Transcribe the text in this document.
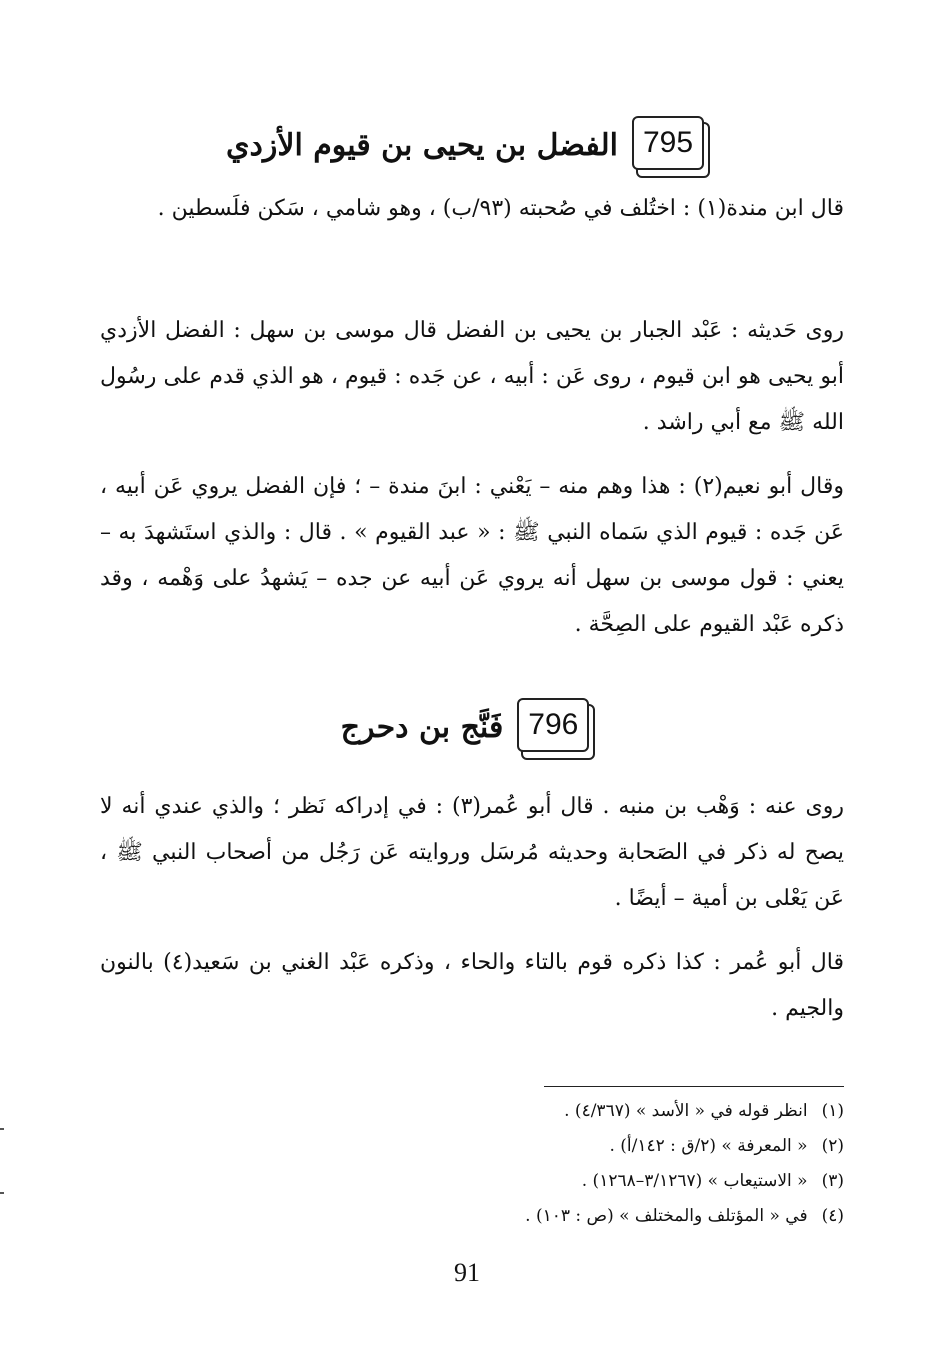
795
الفضل بن يحيى بن قيوم الأزدي

قال ابن مندة(١) : اختُلف في صُحبته (٩٣/ب) ، وهو شامي ، سَكن فلَسطين .

روى حَديثه : عَبْد الجبار بن يحيى بن الفضل قال موسى بن سهل : الفضل الأزدي أبو يحيى هو ابن قيوم ، روى عَن : أبيه ، عن جَده : قيوم ، هو الذي قدم على رسُول الله ﷺ مع أبي راشد .

وقال أبو نعيم(٢) : هذا وهم منه – يَعْني : ابنَ مندة – ؛ فإن الفضل يروي عَن أبيه ، عَن جَده : قيوم الذي سَماه النبي ﷺ : « عبد القيوم » . قال : والذي استَشهدَ به – يعني : قول موسى بن سهل أنه يروي عَن أبيه عن جده – يَشهدُ على وَهْمه ، وقد ذكره عَبْد القيوم على الصِحَّة .

796
فَنَّج بن دحرج

روى عنه : وَهْب بن منبه . قال أبو عُمر(٣) : في إدراكه نَظر ؛ والذي عندي أنه لا يصح له ذكر في الصَحابة وحديثه مُرسَل وروايته عَن رَجُل من أصحاب النبي ﷺ ، عَن يَعْلى بن أمية – أيضًا .

قال أبو عُمر : كذا ذكره قوم بالتاء والحاء ، وذكره عَبْد الغني بن سَعيد(٤) بالنون والجيم .

(١)انظر قوله في « الأسد » (٤/٣٦٧) .
(٢)« المعرفة » (٢/ق : ١٤٢/أ) .
(٣)« الاستيعاب » (٣/١٢٦٧–١٢٦٨) .
(٤)في « المؤتلف والمختلف » (ص : ١٠٣) .
91
